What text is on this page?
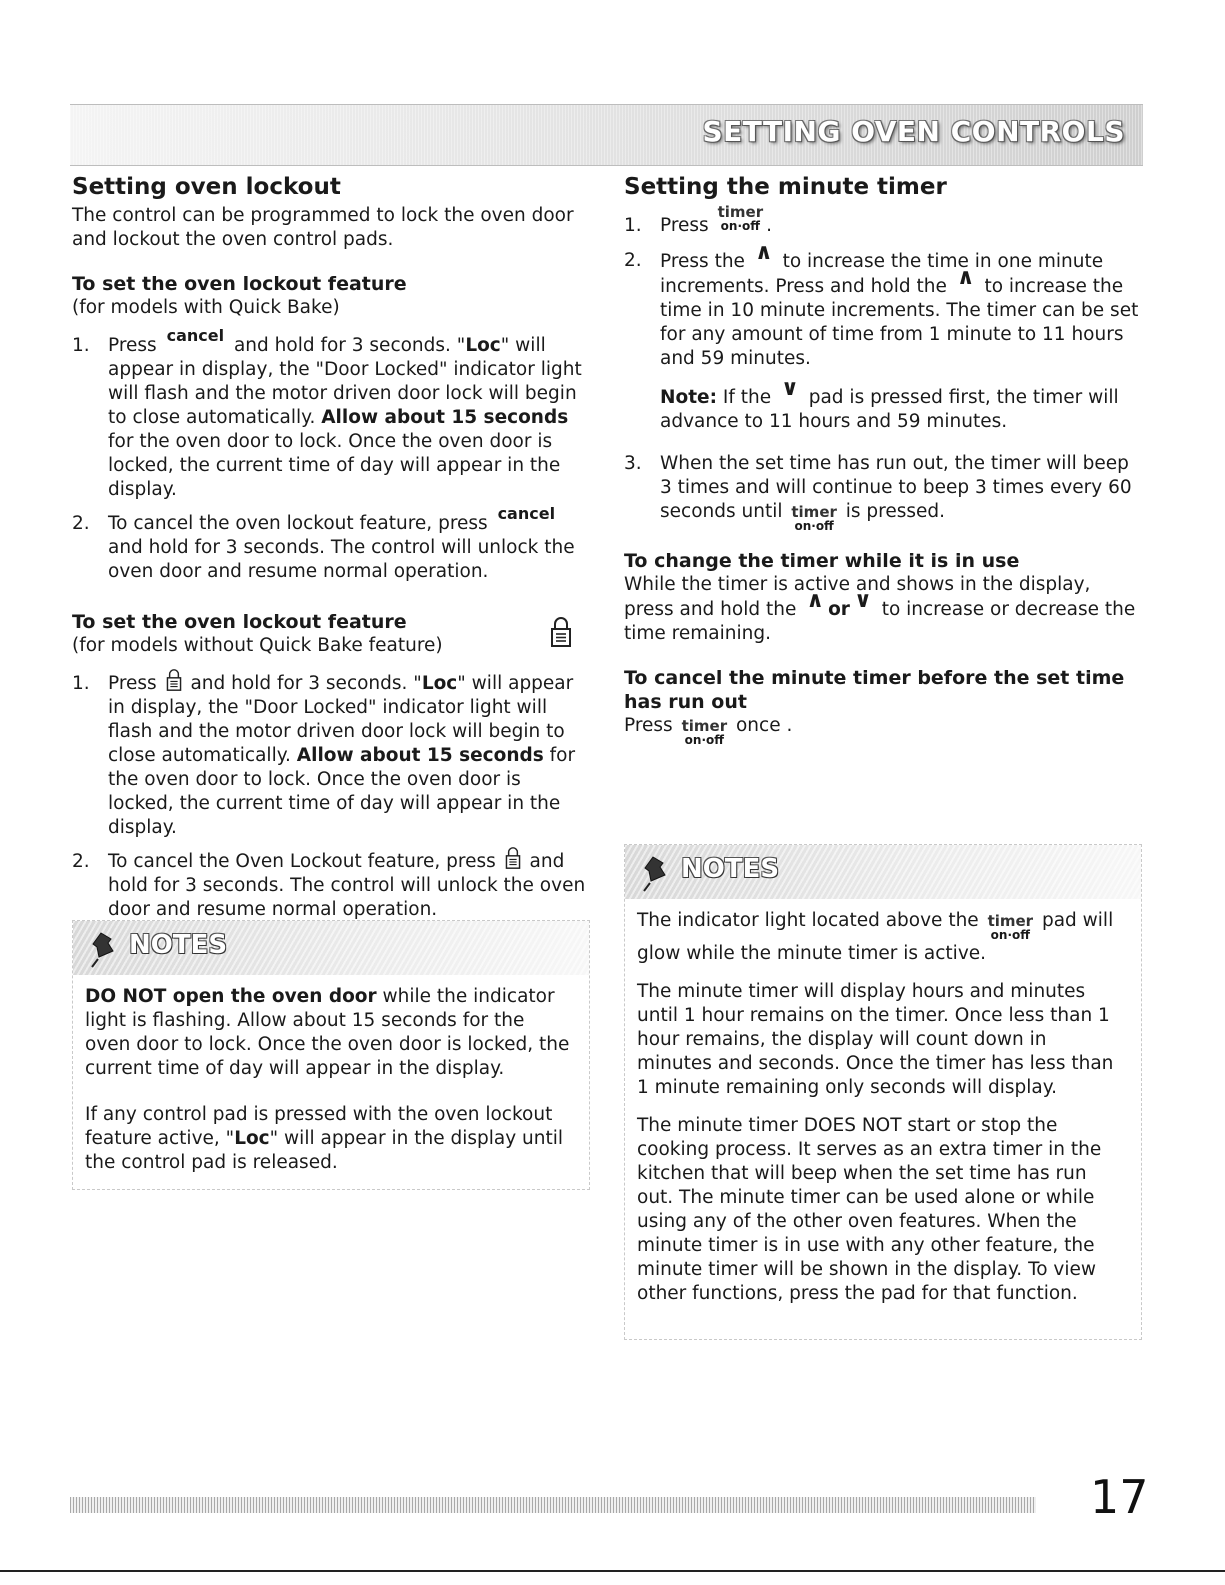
SETTING OVEN CONTROLS
Setting oven lockout

The control can be programmed to lock the oven door and lockout the oven control pads.

To set the oven lockout feature

(for models with Quick Bake)

1. Press cancel and hold for 3 seconds. "Loc" will appear in display, the "Door Locked" indicator light will flash and the motor driven door lock will begin to close automatically. Allow about 15 seconds for the oven door to lock. Once the oven door is locked, the current time of day will appear in the display.
2. To cancel the oven lockout feature, press cancel and hold for 3 seconds. The control will unlock the oven door and resume normal operation.
To set the oven lockout feature

(for models without Quick Bake feature)

1. Press  and hold for 3 seconds. "Loc" will appear in display, the "Door Locked" indicator light will flash and the motor driven door lock will begin to close automatically. Allow about 15 seconds for the oven door to lock. Once the oven door is locked, the current time of day will appear in the display.
2. To cancel the Oven Lockout feature, press  and hold for 3 seconds. The control will unlock the oven door and resume normal operation.
NOTES

DO NOT open the oven door while the indicator light is flashing. Allow about 15 seconds for the oven door to lock. Once the oven door is locked, the current time of day will appear in the display.

If any control pad is pressed with the oven lockout feature active, "Loc" will appear in the display until the control pad is released.

Setting the minute timer
1. Press
timer
on·off .
2. Press the ∧ to increase the time in one minute increments. Press and hold the ∧ to increase the time in 10 minute increments. The timer can be set for any amount of time from 1 minute to 11 hours and 59 minutes.

Note: If the ∨ pad is pressed first, the timer will advance to 11 hours and 59 minutes.

3. When the set time has run out, the timer will beep 3 times and will continue to beep 3 times every 60 seconds until timer
on·off
is pressed.
To change the timer while it is in use

While the timer is active and shows in the display, press and hold the ∧ or ∨ to increase or decrease the time remaining.

To cancel the minute timer before the set time has run out

Press timer
on·off
once .

NOTES

The indicator light located above the timer
on·off
pad will glow while the minute timer is active.

The minute timer will display hours and minutes until 1 hour remains on the timer. Once less than 1 hour remains, the display will count down in minutes and seconds. Once the timer has less than 1 minute remaining only seconds will display.

The minute timer DOES NOT start or stop the cooking process. It serves as an extra timer in the kitchen that will beep when the set time has run out. The minute timer can be used alone or while using any of the other oven features. When the minute timer is in use with any other feature, the minute timer will be shown in the display. To view other functions, press the pad for that function.

17
